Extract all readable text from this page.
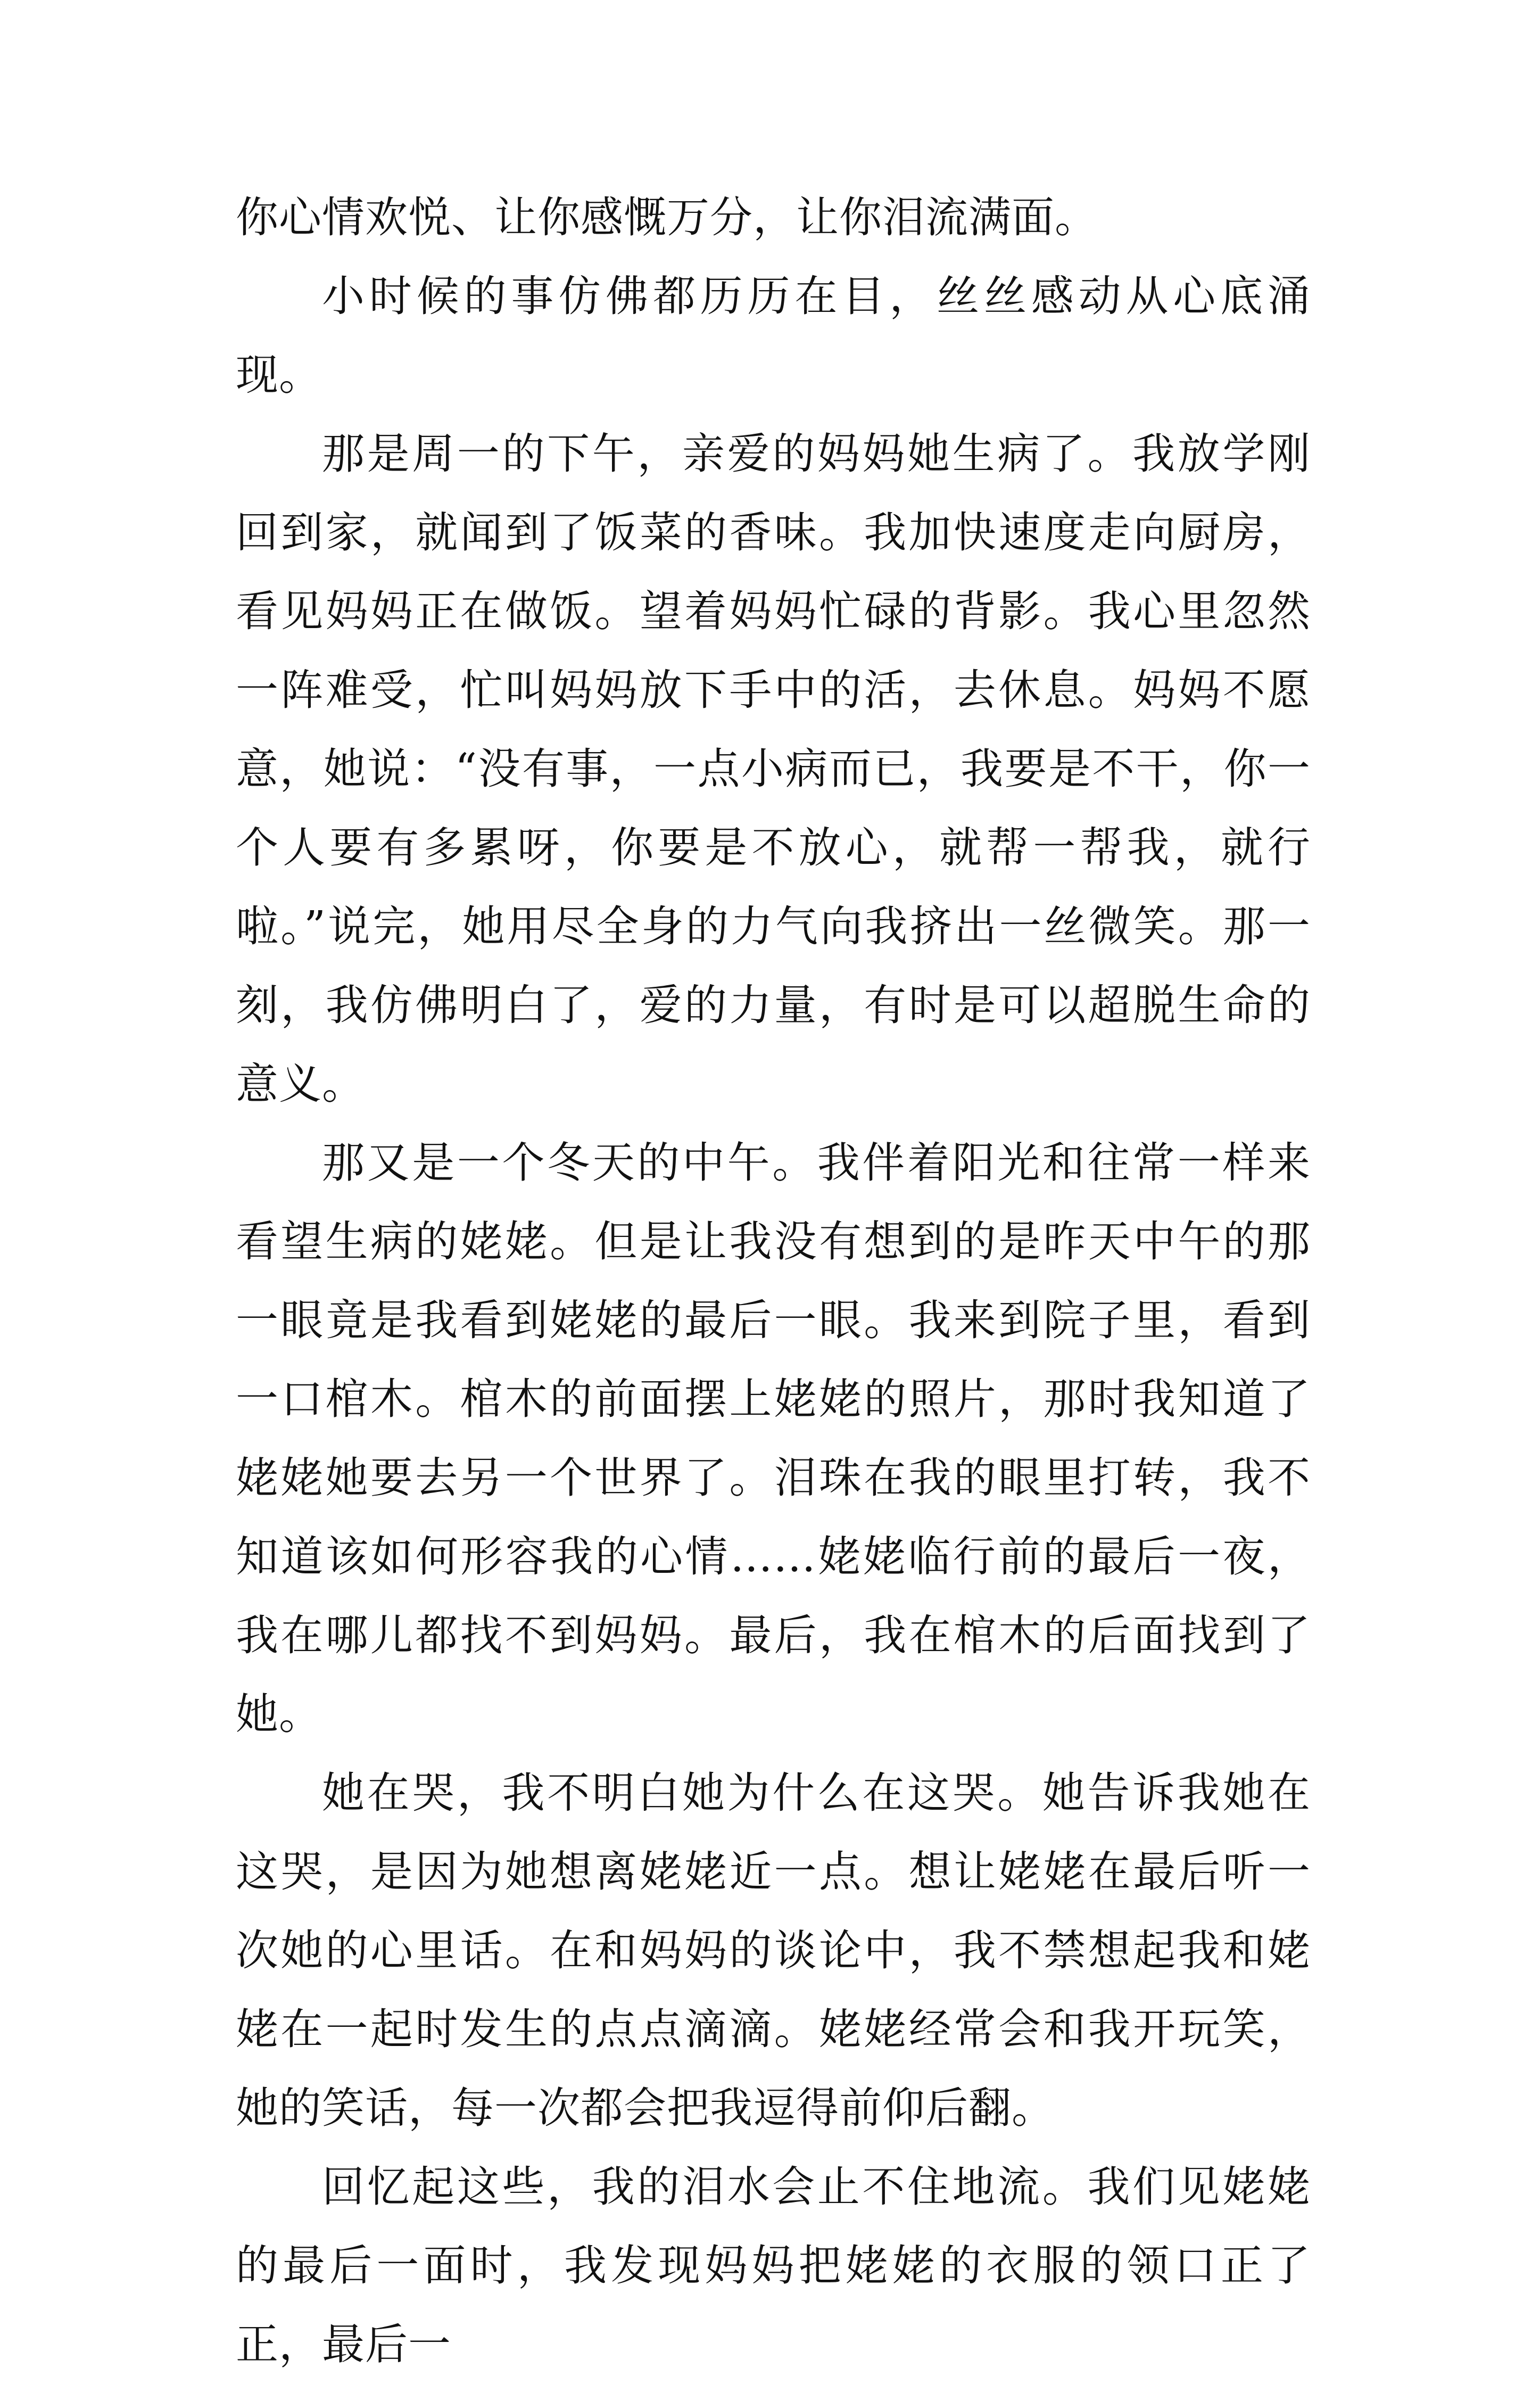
你心情欢悦、让你感慨万分，让你泪流满面。

小时候的事仿佛都历历在目，丝丝感动从心底涌现。

那是周一的下午，亲爱的妈妈她生病了。我放学刚回到家，就闻到了饭菜的香味。我加快速度走向厨房，看见妈妈正在做饭。望着妈妈忙碌的背影。我心里忽然一阵难受，忙叫妈妈放下手中的活，去休息。妈妈不愿意，她说：“没有事，一点小病而已，我要是不干，你一个人要有多累呀，你要是不放心，就帮一帮我，就行啦。”说完，她用尽全身的力气向我挤出一丝微笑。那一刻，我仿佛明白了，爱的力量，有时是可以超脱生命的意义。

那又是一个冬天的中午。我伴着阳光和往常一样来看望生病的姥姥。但是让我没有想到的是昨天中午的那一眼竟是我看到姥姥的最后一眼。我来到院子里，看到一口棺木。棺木的前面摆上姥姥的照片，那时我知道了姥姥她要去另一个世界了。泪珠在我的眼里打转，我不知道该如何形容我的心情……姥姥临行前的最后一夜，我在哪儿都找不到妈妈。最后，我在棺木的后面找到了她。

她在哭，我不明白她为什么在这哭。她告诉我她在这哭，是因为她想离姥姥近一点。想让姥姥在最后听一次她的心里话。在和妈妈的谈论中，我不禁想起我和姥姥在一起时发生的点点滴滴。姥姥经常会和我开玩笑，她的笑话，每一次都会把我逗得前仰后翻。

回忆起这些，我的泪水会止不住地流。我们见姥姥的最后一面时，我发现妈妈把姥姥的衣服的领口正了正，最后一
